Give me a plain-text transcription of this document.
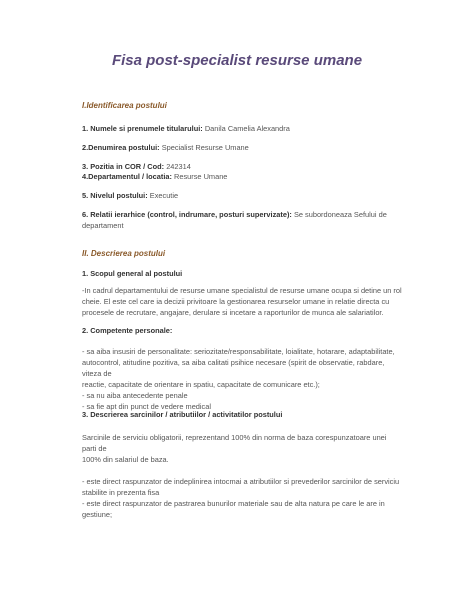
Fisa post-specialist resurse umane
I.Identificarea postului
1. Numele si prenumele titularului: Danila Camelia Alexandra
2.Denumirea postului: Specialist Resurse Umane
3. Pozitia in COR / Cod: 242314
4.Departamentul / locatia: Resurse Umane
5. Nivelul postului: Executie
6. Relatii ierarhice (control, indrumare, posturi supervizate): Se subordoneaza Sefului de
departament
II. Descrierea postului
1. Scopul general al postului
-In cadrul departamentului de resurse umane specialistul de resurse umane ocupa si detine un rol
cheie. El este cel care ia decizii privitoare la gestionarea resurselor umane in relatie directa cu
procesele de recrutare, angajare, derulare si incetare a raporturilor de munca ale salariatilor.
2. Competente personale:
- sa aiba insusiri de personalitate: seriozitate/responsabilitate, loialitate, hotarare, adaptabilitate,
autocontrol, atitudine pozitiva, sa aiba calitati psihice necesare (spirit de observatie, rabdare, viteza de
reactie, capacitate de orientare in spatiu, capacitate de comunicare etc.);
- sa nu aiba antecedente penale
- sa fie apt din punct de vedere medical
3. Descrierea sarcinilor / atributiilor / activitatilor postului
Sarcinile de serviciu obligatorii, reprezentand 100% din norma de baza corespunzatoare unei parti de
100% din salariul de baza.
- este direct raspunzator de indeplinirea intocmai a atributiilor si prevederilor sarcinilor de serviciu
stabilite in prezenta fisa
- este direct raspunzator de pastrarea bunurilor materiale sau de alta natura pe care le are in gestiune;
